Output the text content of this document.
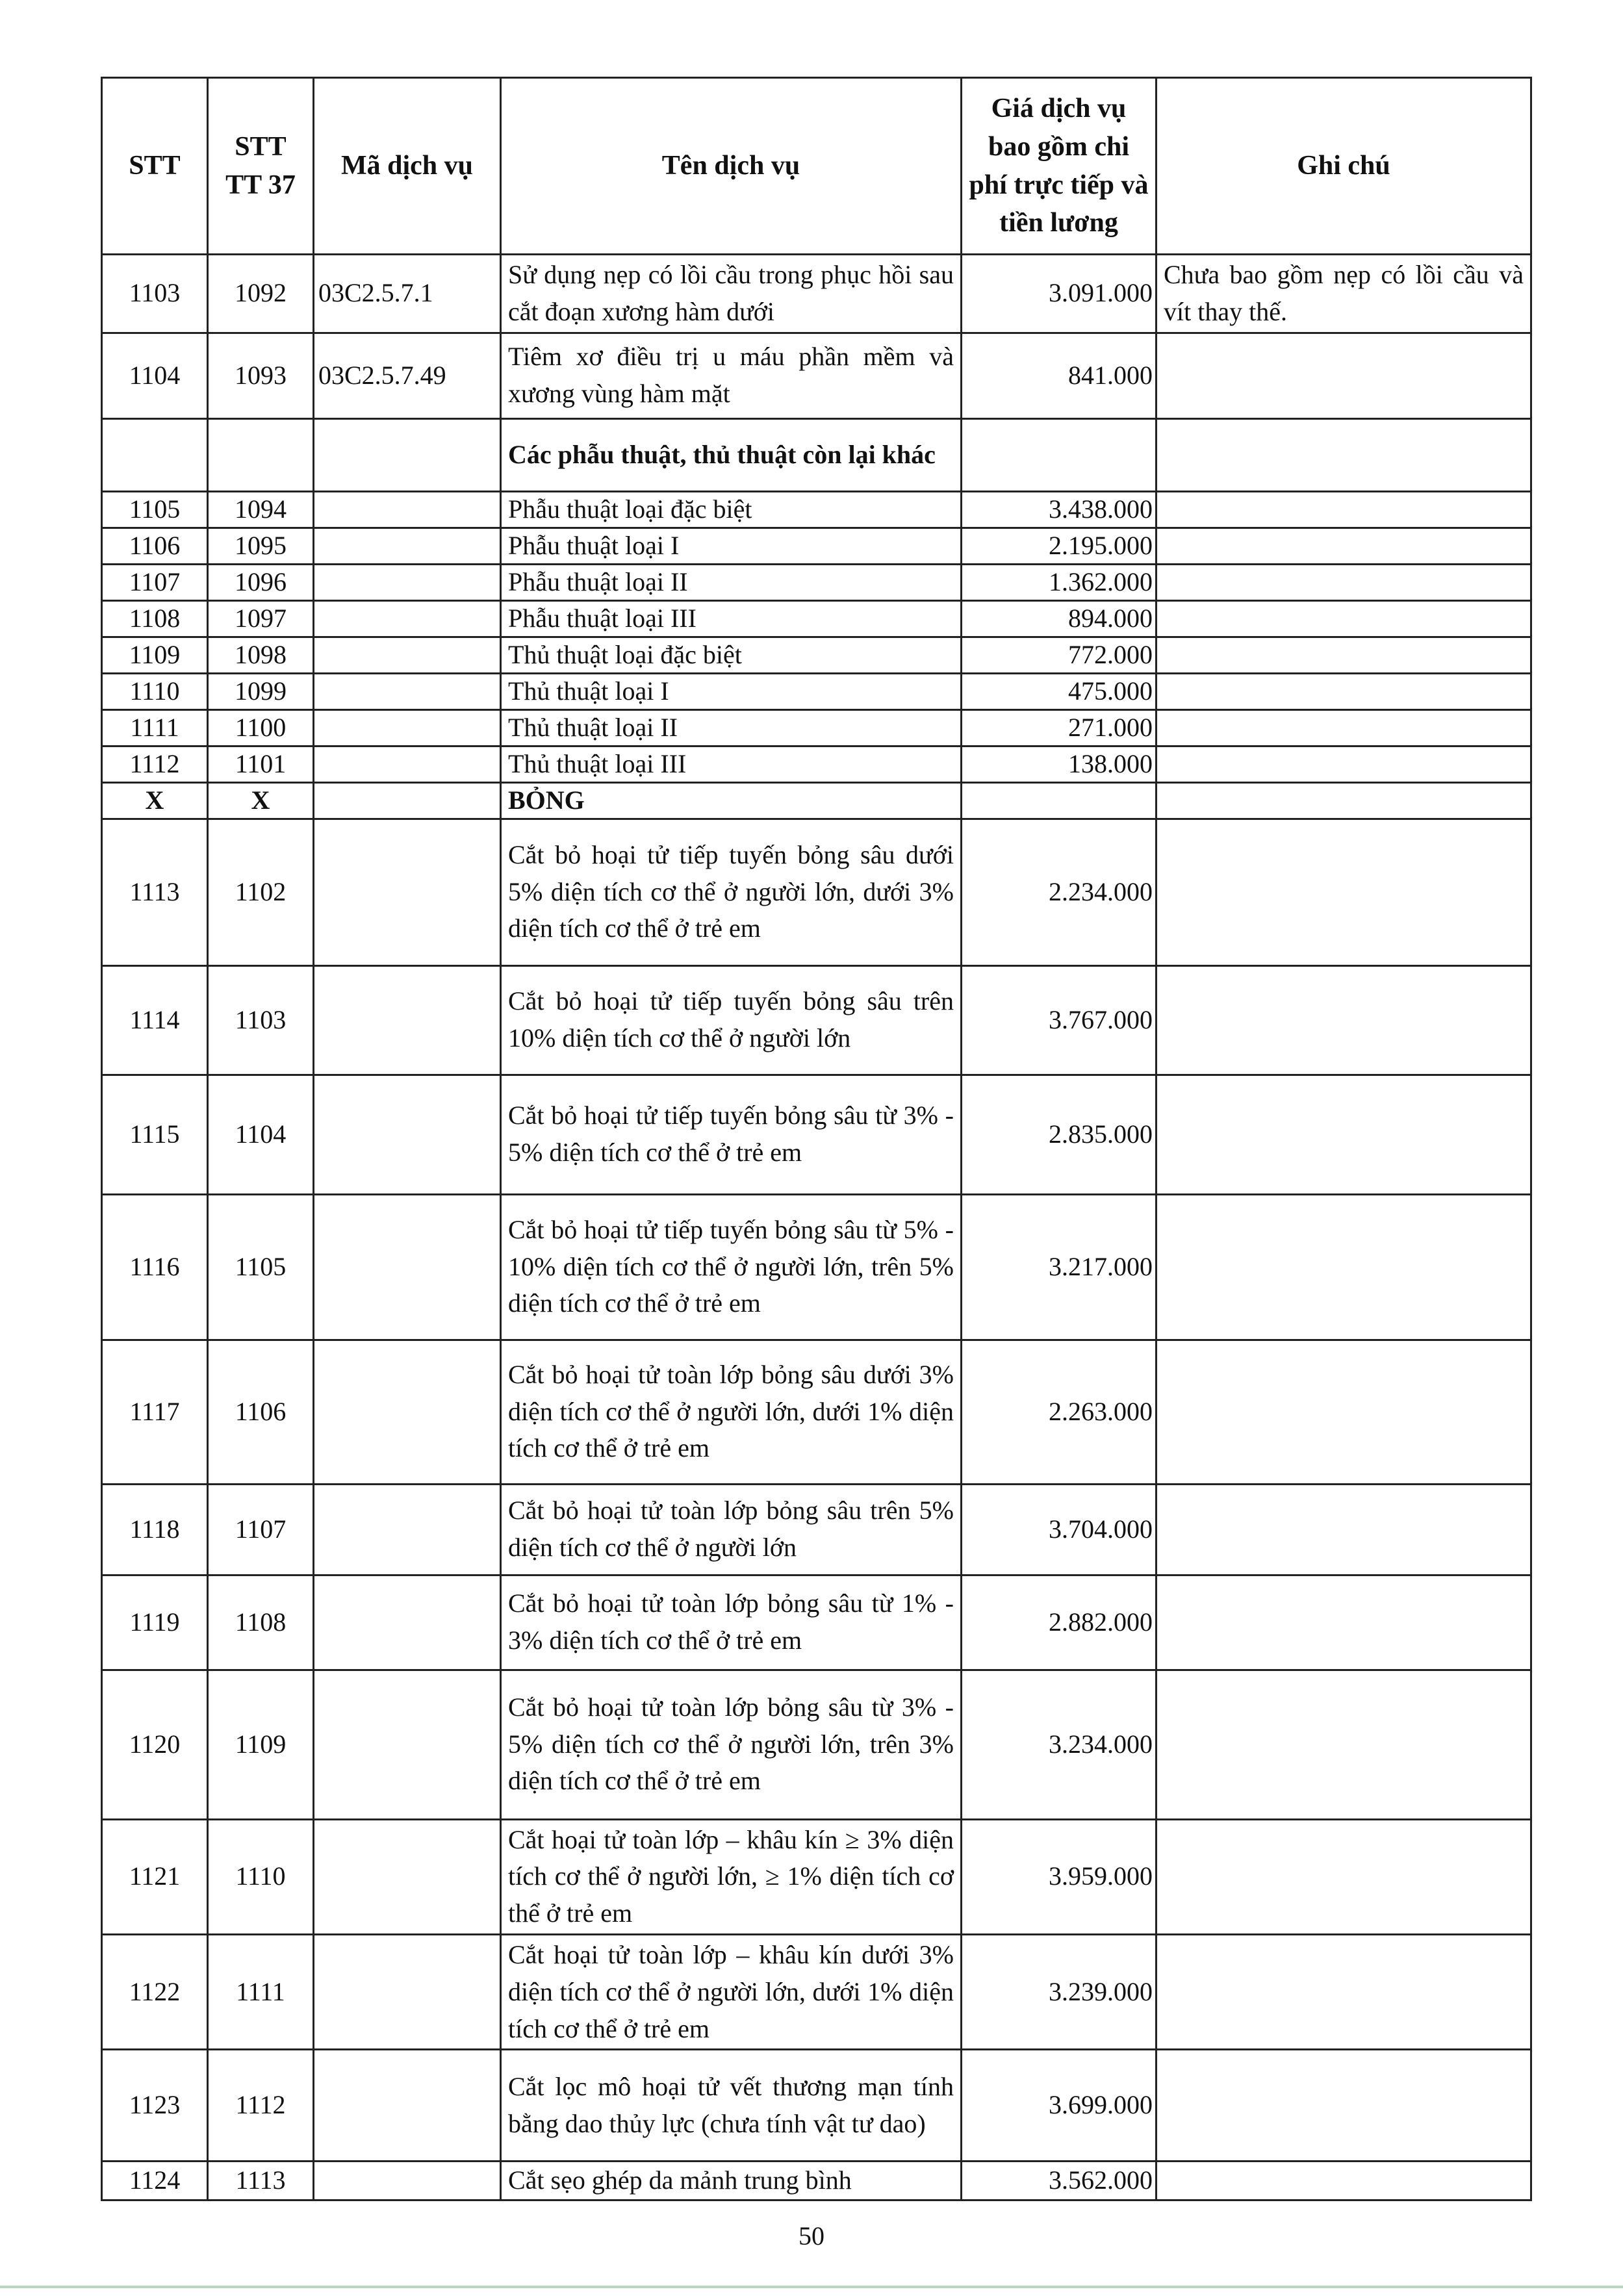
STT	STT TT 37	Mã dịch vụ	Tên dịch vụ	Giá dịch vụ bao gồm chi phí trực tiếp và tiền lương	Ghi chú
1103	1092	03C2.5.7.1	Sử dụng nẹp có lồi cầu trong phục hồi sau cắt đoạn xương hàm dưới	3.091.000	Chưa bao gồm nẹp có lồi cầu và vít thay thế.
1104	1093	03C2.5.7.49	Tiêm xơ điều trị u máu phần mềm và xương vùng hàm mặt	841.000	
			Các phẫu thuật, thủ thuật còn lại khác		
1105	1094		Phẫu thuật loại đặc biệt	3.438.000	
1106	1095		Phẫu thuật loại I	2.195.000	
1107	1096		Phẫu thuật loại II	1.362.000	
1108	1097		Phẫu thuật loại III	894.000	
1109	1098		Thủ thuật loại đặc biệt	772.000	
1110	1099		Thủ thuật loại I	475.000	
1111	1100		Thủ thuật loại II	271.000	
1112	1101		Thủ thuật loại III	138.000	
X	X		BỎNG		
1113	1102		Cắt bỏ hoại tử tiếp tuyến bỏng sâu dưới 5% diện tích cơ thể ở người lớn, dưới 3% diện tích cơ thể ở trẻ em	2.234.000	
1114	1103		Cắt bỏ hoại tử tiếp tuyến bỏng sâu trên 10% diện tích cơ thể ở người lớn	3.767.000	
1115	1104		Cắt bỏ hoại tử tiếp tuyến bỏng sâu từ 3% - 5% diện tích cơ thể ở trẻ em	2.835.000	
1116	1105		Cắt bỏ hoại tử tiếp tuyến bỏng sâu từ 5% - 10% diện tích cơ thể ở người lớn, trên 5% diện tích cơ thể ở trẻ em	3.217.000	
1117	1106		Cắt bỏ hoại tử toàn lớp bỏng sâu dưới 3% diện tích cơ thể ở người lớn, dưới 1% diện tích cơ thể ở trẻ em	2.263.000	
1118	1107		Cắt bỏ hoại tử toàn lớp bỏng sâu trên 5% diện tích cơ thể ở người lớn	3.704.000	
1119	1108		Cắt bỏ hoại tử toàn lớp bỏng sâu từ 1% - 3% diện tích cơ thể ở trẻ em	2.882.000	
1120	1109		Cắt bỏ hoại tử toàn lớp bỏng sâu từ 3% - 5% diện tích cơ thể ở người lớn, trên 3% diện tích cơ thể ở trẻ em	3.234.000	
1121	1110		Cắt hoại tử toàn lớp – khâu kín ≥ 3% diện tích cơ thể ở người lớn, ≥ 1% diện tích cơ thể ở trẻ em	3.959.000	
1122	1111		Cắt hoại tử toàn lớp – khâu kín dưới 3% diện tích cơ thể ở người lớn, dưới 1% diện tích cơ thể ở trẻ em	3.239.000	
1123	1112		Cắt lọc mô hoại tử vết thương mạn tính bằng dao thủy lực (chưa tính vật tư dao)	3.699.000	
1124	1113		Cắt sẹo ghép da mảnh trung bình	3.562.000	
50
